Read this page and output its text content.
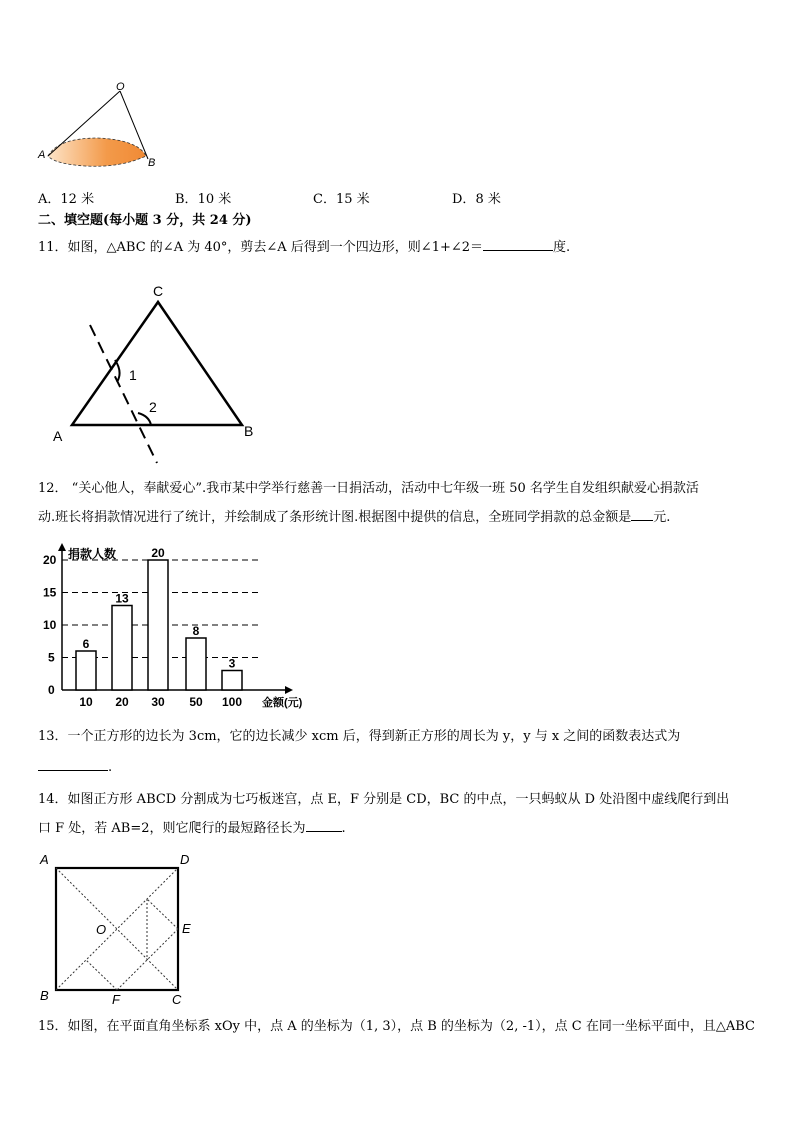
O
A
B
A．12 米	B．10 米	C．15 米	D．8 米
二、填空题(每小题 3 分，共 24 分)
11．如图，△ABC 的∠A 为 40°，剪去∠A 后得到一个四边形，则∠1+∠2＝	度.
C
1
2
A	B
12． “关心他人，奉献爱心”.我市某中学举行慈善一日捐活动，活动中七年级一班 50 名学生自发组织献爱心捐款活
动.班长将捐款情况进行了统计，并绘制成了条形统计图.根据图中提供的信息，全班同学捐款的总金额是 元.
捐款人数
金额(元)
0
5
10
15
20
6
10
13
20
20
30
8
50
3
100
13．一个正方形的边长为 3cm，它的边长减少 xcm 后，得到新正方形的周长为 y，y 与 x 之间的函数表达式为
.
14．如图正方形 ABCD 分割成为七巧板迷宫，点 E，F 分别是 CD，BC 的中点，一只蚂蚁从 D 处沿图中虚线爬行到出
口 F 处，若 AB=2，则它爬行的最短路径长为	.
A	D
O	E
B	F	C
15．如图，在平面直角坐标系 xOy 中，点 A 的坐标为（1, 3），点 B 的坐标为（2, -1），点 C 在同一坐标平面中，且△ABC
